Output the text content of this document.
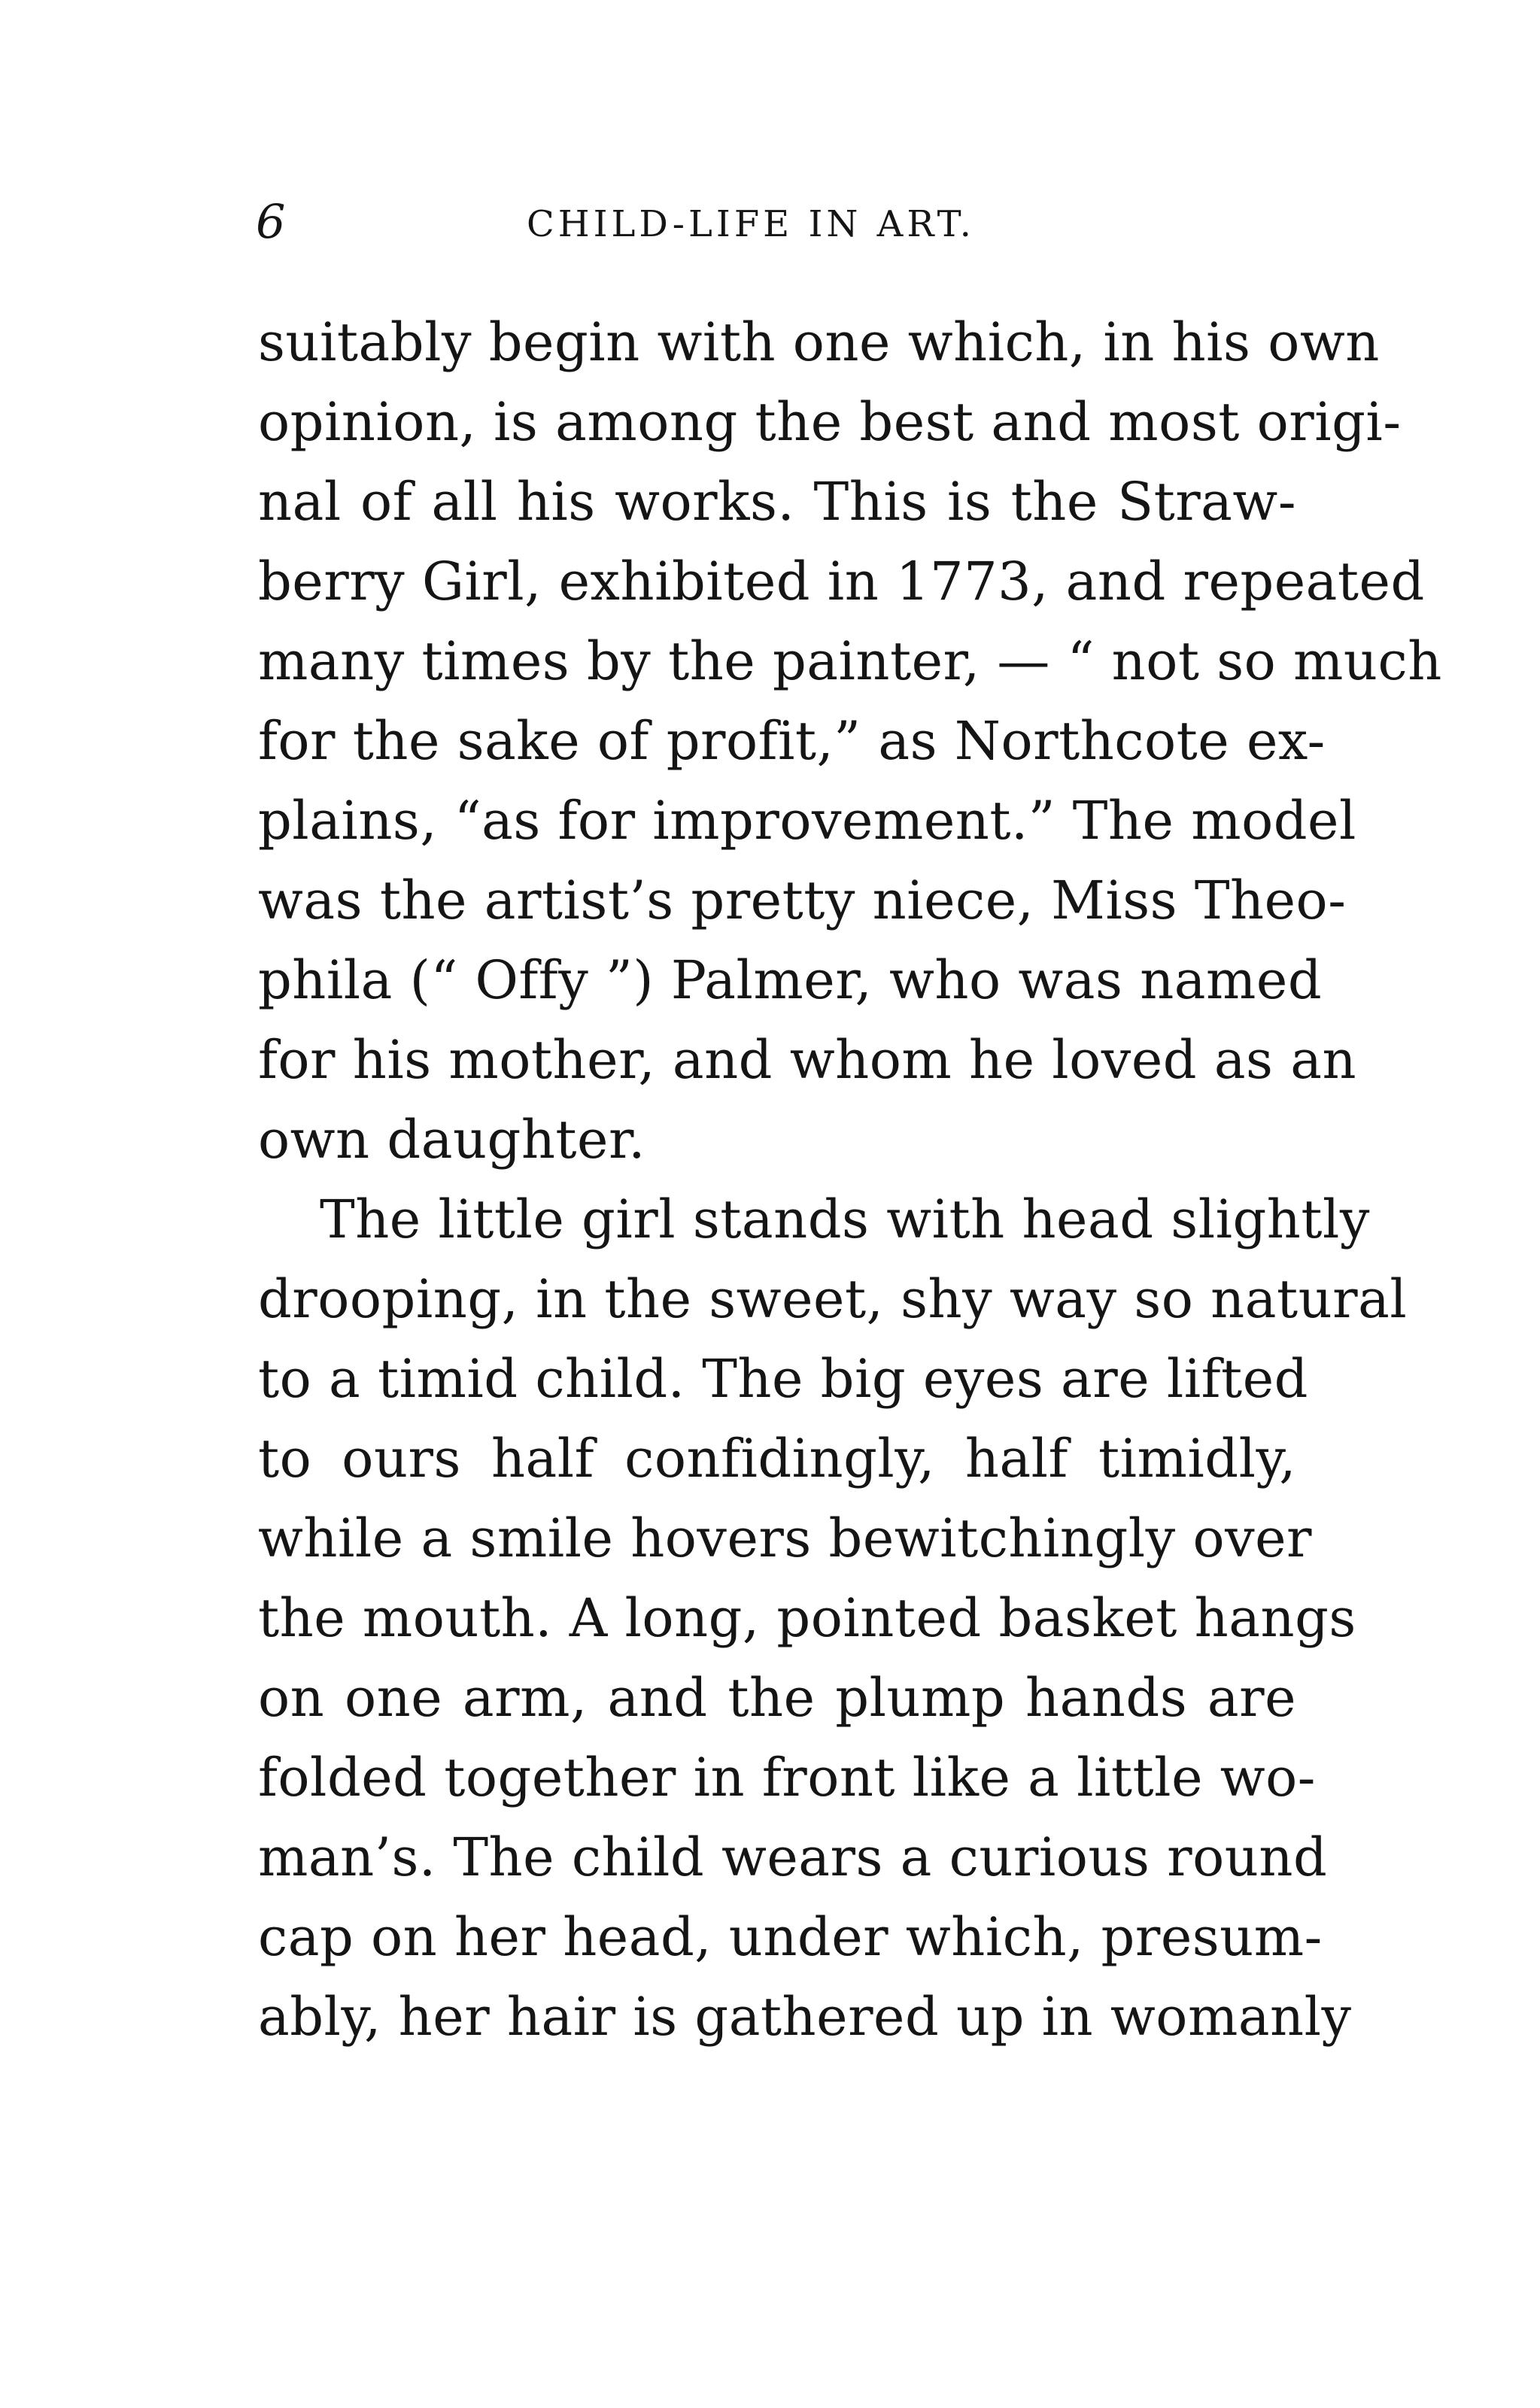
6	CHILD-LIFE IN ART.
suitably begin with one which, in his own
opinion, is among the best and most origi-
nal of all his works. This is the Straw-
berry Girl, exhibited in 1773, and repeated
many times by the painter, — “ not so much
for the sake of profit,” as Northcote ex-
plains, “as for improvement.” The model
was the artist’s pretty niece, Miss Theo-
phila (“ Offy ”) Palmer, who was named
for his mother, and whom he loved as an
own daughter.
The little girl stands with head slightly
drooping, in the sweet, shy way so natural
to a timid child. The big eyes are lifted
to ours half confidingly, half timidly,
while a smile hovers bewitchingly over
the mouth. A long, pointed basket hangs
on one arm, and the plump hands are
folded together in front like a little wo-
man’s. The child wears a curious round
cap on her head, under which, presum-
ably, her hair is gathered up in womanly
